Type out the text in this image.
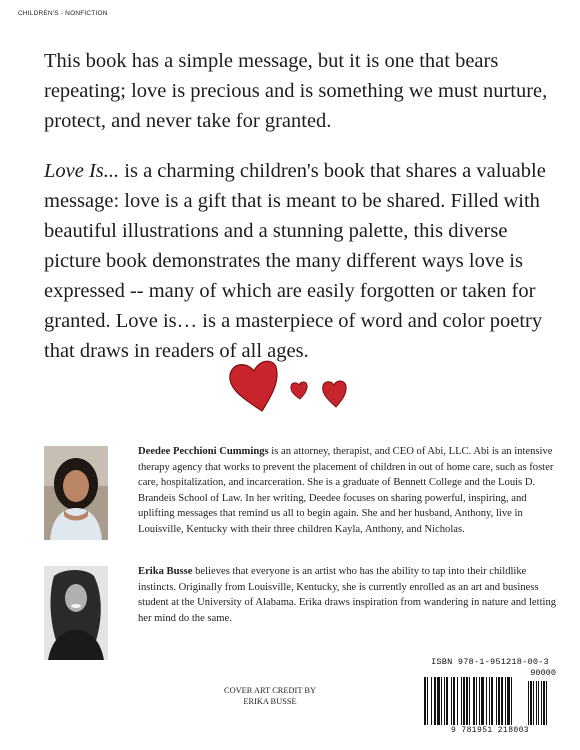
CHILDREN'S - NONFICTION

This book has a simple message, but it is one that bears repeating; love is precious and is something we must nurture, protect, and never take for granted.

Love Is... is a charming children's book that shares a valuable message: love is a gift that is meant to be shared. Filled with beautiful illustrations and a stunning palette, this diverse picture book demonstrates the many different ways love is expressed -- many of which are easily forgotten or taken for granted. Love is… is a masterpiece of word and color poetry that draws in readers of all ages.

Deedee Pecchioni Cummings is an attorney, therapist, and CEO of Abi, LLC. Abi is an intensive therapy agency that works to prevent the placement of children in out of home care, such as foster care, hospitalization, and incarceration. She is a graduate of Bennett College and the Louis D. Brandeis School of Law. In her writing, Deedee focuses on sharing powerful, inspiring, and uplifting messages that remind us all to begin again. She and her husband, Anthony, live in Louisville, Kentucky with their three children Kayla, Anthony, and Nicholas.

Erika Busse believes that everyone is an artist who has the ability to tap into their childlike instincts. Originally from Louisville, Kentucky, she is currently enrolled as an art and business student at the University of Alabama. Erika draws inspiration from wandering in nature and letting her mind do the same.

COVER ART CREDIT BY
ERIKA BUSSE
ISBN 978-1-951218-00-3
90000
9 781951 218003
